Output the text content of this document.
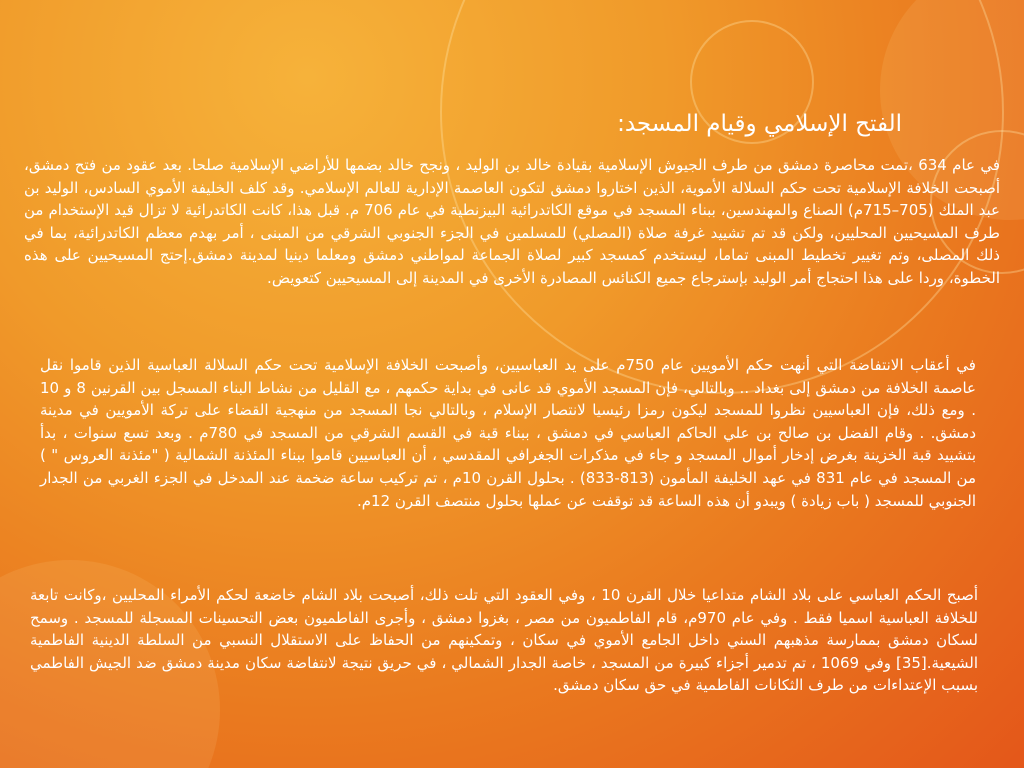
الفتح الإسلامي وقيام المسجد:

في عام 634 ،تمت محاصرة دمشق من طرف الجيوش الإسلامية بقيادة خالد بن الوليد ، ونجح خالد بضمها للأراضي الإسلامية صلحا. بعد عقود من فتح دمشق، أصبحت الخلافة الإسلامية تحت حكم السلالة الأموية، الذين اختاروا دمشق لتكون العاصمة الإدارية للعالم الإسلامي. وقد كلف الخليفة الأموي السادس، الوليد بن عبد الملك (705–715م) الصناع والمهندسين، ببناء المسجد في موقع الكاتدرائية البيزنطية في عام 706 م. قبل هذا، كانت الكاتدرائية لا تزال قيد الإستخدام من طرف المسيحيين المحليين، ولكن قد تم تشييد غرفة صلاة (المصلي) للمسلمين في الجزء الجنوبي الشرقي من المبنى ، أمر بهدم معظم الكاتدرائية، بما في ذلك المصلى، وتم تغيير تخطيط المبنى تماما، ليستخدم كمسجد كبير لصلاة الجماعة لمواطني دمشق ومعلما دينيا لمدينة دمشق.إحتج المسيحيين على هذه الخطوة، وردا على هذا احتجاج أمر الوليد بإسترجاع جميع الكنائس المصادرة الأخرى في المدينة إلى المسيحيين كتعويض.

في أعقاب الانتفاضة التي أنهت حكم الأمويين عام 750م على يد العباسيين، وأصبحت الخلافة الإسلامية تحت حكم السلالة العباسية الذين قاموا نقل عاصمة الخلافة من دمشق إلى بغداد .. وبالتالي، فإن المسجد الأموي قد عانى في بداية حكمهم ، مع القليل من نشاط البناء المسجل بين القرنين 8 و 10 . ومع ذلك، فإن العباسيين نظروا للمسجد ليكون رمزا رئيسيا لانتصار الإسلام ، وبالتالي نجا المسجد من منهجية القضاء على تركة الأمويين في مدينة دمشق. . وقام الفضل بن صالح بن علي الحاكم العباسي في دمشق ، ببناء قبة في القسم الشرقي من المسجد في 780م . وبعد تسع سنوات ، بدأ بتشييد قبة الخزينة بغرض إدخار أموال المسجد و جاء في مذكرات الجغرافي المقدسي ، أن العباسيين قاموا ببناء المئذنة الشمالية ( "مئذنة العروس " ) من المسجد في عام 831 في عهد الخليفة المأمون (813-833) . بحلول القرن 10م ، تم تركيب ساعة ضخمة عند المدخل في الجزء الغربي من الجدار الجنوبي للمسجد ( باب زيادة ) ويبدو أن هذه الساعة قد توقفت عن عملها بحلول منتصف القرن 12م.

أصبح الحكم العباسي على بلاد الشام متداعيا خلال القرن 10 ، وفي العقود التي تلت ذلك، أصبحت بلاد الشام خاضعة لحكم الأمراء المحليين ،وكانت تابعة للخلافة العباسية اسميا فقط . وفي عام 970م، قام الفاطميون من مصر ، بغزوا دمشق ، وأجرى الفاطميون بعض التحسينات المسجلة للمسجد . وسمح لسكان دمشق بممارسة مذهبهم السني داخل الجامع الأموي في سكان ، وتمكينهم من الحفاظ على الاستقلال النسبي من السلطة الدينية الفاطمية الشيعية.[35] وفي 1069 ، تم تدمير أجزاء كبيرة من المسجد ، خاصة الجدار الشمالي ، في حريق نتيجة لانتفاضة سكان مدينة دمشق ضد الجيش الفاطمي بسبب الإعتداءات من طرف الثكانات الفاطمية في حق سكان دمشق.
